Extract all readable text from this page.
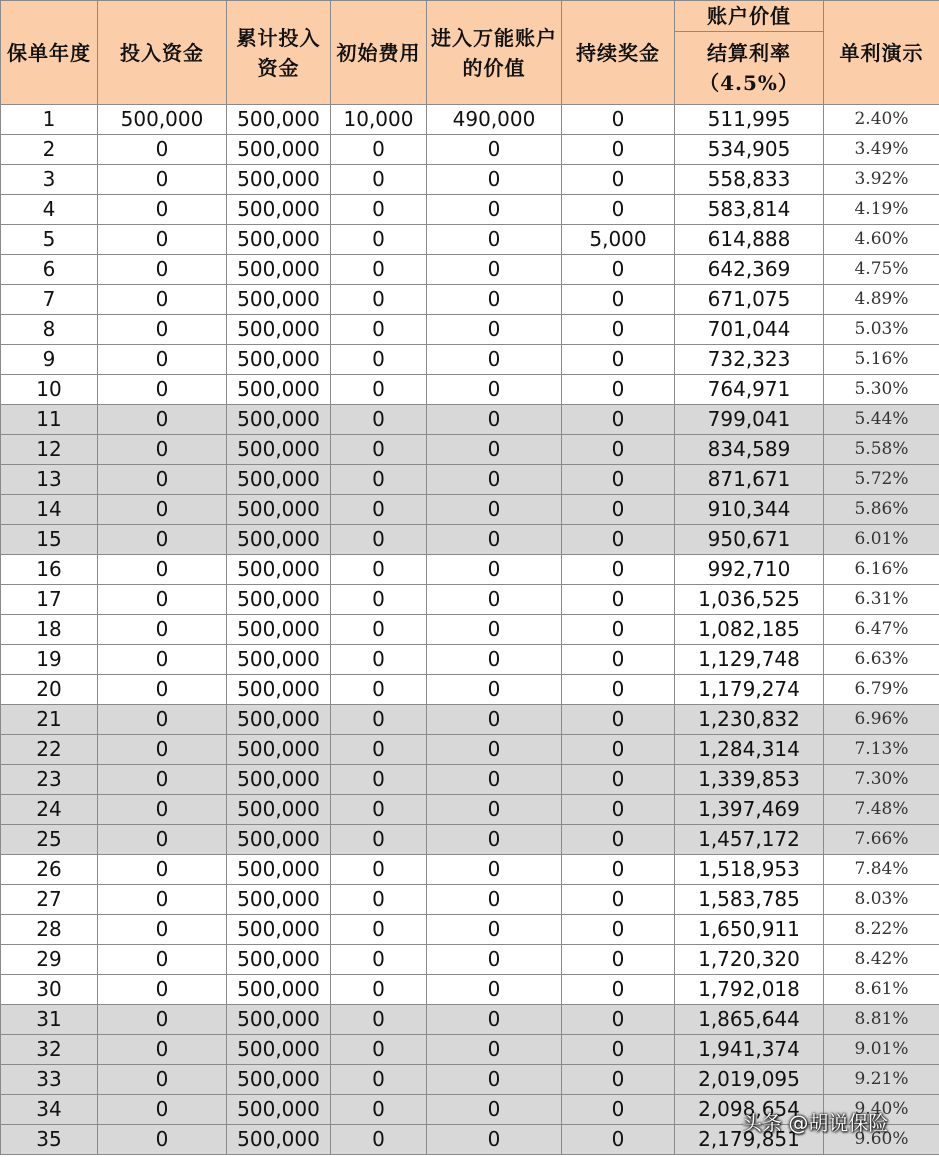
保单年度	投入资金	累计投入资金	初始费用	进入万能账户的价值	持续奖金	账户价值	单利演示

						结算利率
（4.5%）	

1	500,000	500,000	10,000	490,000	0	511,995	2.40%
2	0	500,000	0	0	0	534,905	3.49%
3	0	500,000	0	0	0	558,833	3.92%
4	0	500,000	0	0	0	583,814	4.19%
5	0	500,000	0	0	5,000	614,888	4.60%
6	0	500,000	0	0	0	642,369	4.75%
7	0	500,000	0	0	0	671,075	4.89%
8	0	500,000	0	0	0	701,044	5.03%
9	0	500,000	0	0	0	732,323	5.16%
10	0	500,000	0	0	0	764,971	5.30%
11	0	500,000	0	0	0	799,041	5.44%
12	0	500,000	0	0	0	834,589	5.58%
13	0	500,000	0	0	0	871,671	5.72%
14	0	500,000	0	0	0	910,344	5.86%
15	0	500,000	0	0	0	950,671	6.01%
16	0	500,000	0	0	0	992,710	6.16%
17	0	500,000	0	0	0	1,036,525	6.31%
18	0	500,000	0	0	0	1,082,185	6.47%
19	0	500,000	0	0	0	1,129,748	6.63%
20	0	500,000	0	0	0	1,179,274	6.79%
21	0	500,000	0	0	0	1,230,832	6.96%
22	0	500,000	0	0	0	1,284,314	7.13%
23	0	500,000	0	0	0	1,339,853	7.30%
24	0	500,000	0	0	0	1,397,469	7.48%
25	0	500,000	0	0	0	1,457,172	7.66%
26	0	500,000	0	0	0	1,518,953	7.84%
27	0	500,000	0	0	0	1,583,785	8.03%
28	0	500,000	0	0	0	1,650,911	8.22%
29	0	500,000	0	0	0	1,720,320	8.42%
30	0	500,000	0	0	0	1,792,018	8.61%
31	0	500,000	0	0	0	1,865,644	8.81%
32	0	500,000	0	0	0	1,941,374	9.01%
33	0	500,000	0	0	0	2,019,095	9.21%
34	0	500,000	0	0	0	2,098,654	9.40%
35	0	500,000	0	0	0	2,179,851	9.60%
头条 @胡说保险
